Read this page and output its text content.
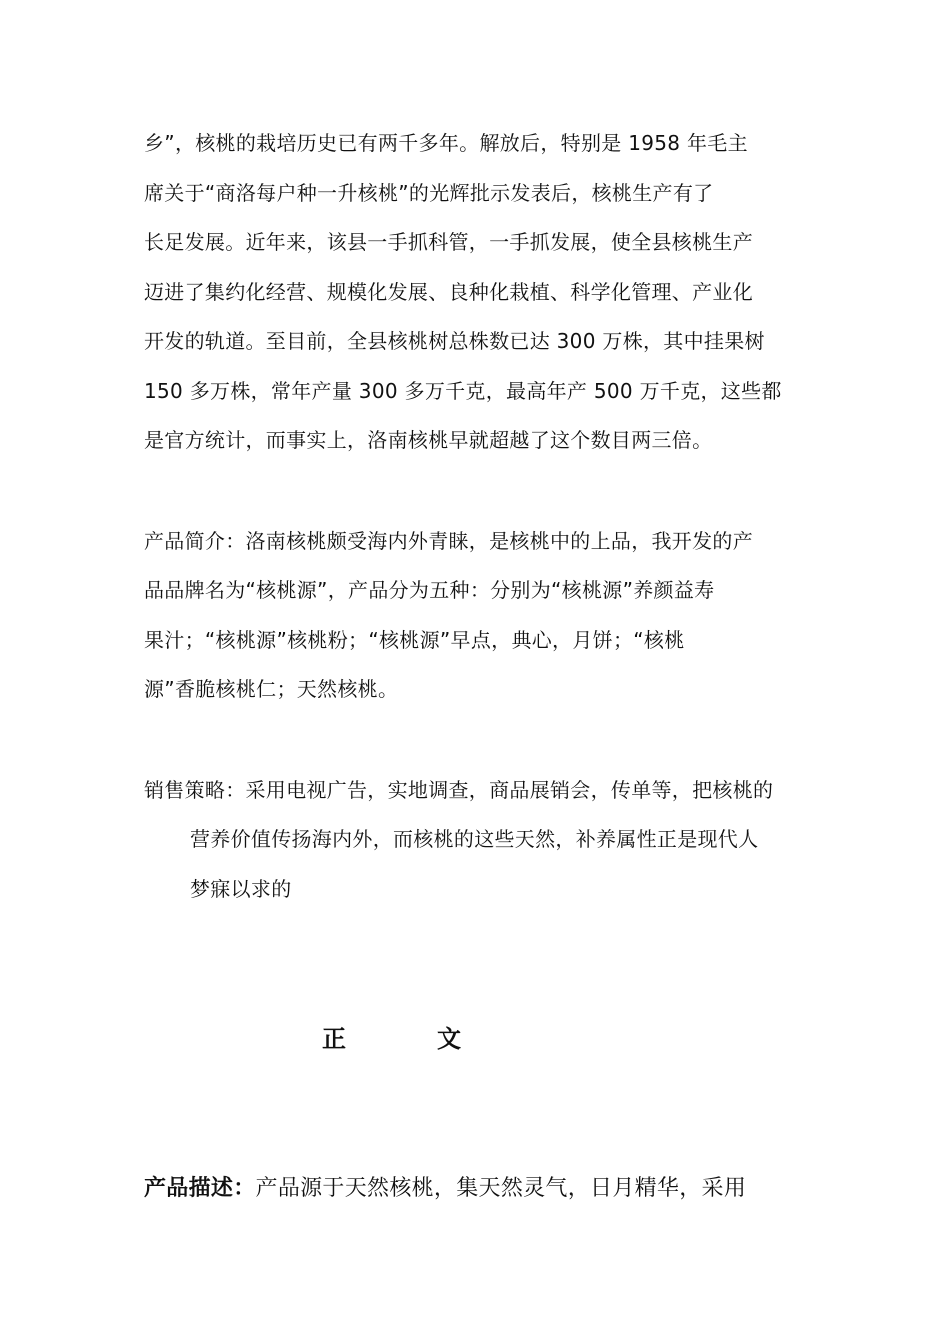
乡”，核桃的栽培历史已有两千多年。解放后，特别是 1958 年毛主
席关于“商洛每户种一升核桃”的光辉批示发表后，核桃生产有了
长足发展。近年来，该县一手抓科管，一手抓发展，使全县核桃生产
迈进了集约化经营、规模化发展、良种化栽植、科学化管理、产业化
开发的轨道。至目前，全县核桃树总株数已达 300 万株，其中挂果树
150 多万株，常年产量 300 多万千克，最高年产 500 万千克，这些都
是官方统计，而事实上，洛南核桃早就超越了这个数目两三倍。
产品简介：洛南核桃颇受海内外青睐，是核桃中的上品，我开发的产
品品牌名为“核桃源”，产品分为五种：分别为“核桃源”养颜益寿
果汁；“核桃源”核桃粉；“核桃源”早点，典心，月饼；“核桃
源”香脆核桃仁；天然核桃。
销售策略：采用电视广告，实地调查，商品展销会，传单等，把核桃的
营养价值传扬海内外，而核桃的这些天然，补养属性正是现代人
梦寐以求的
正	文
产品描述：产品源于天然核桃，集天然灵气，日月精华，采用
